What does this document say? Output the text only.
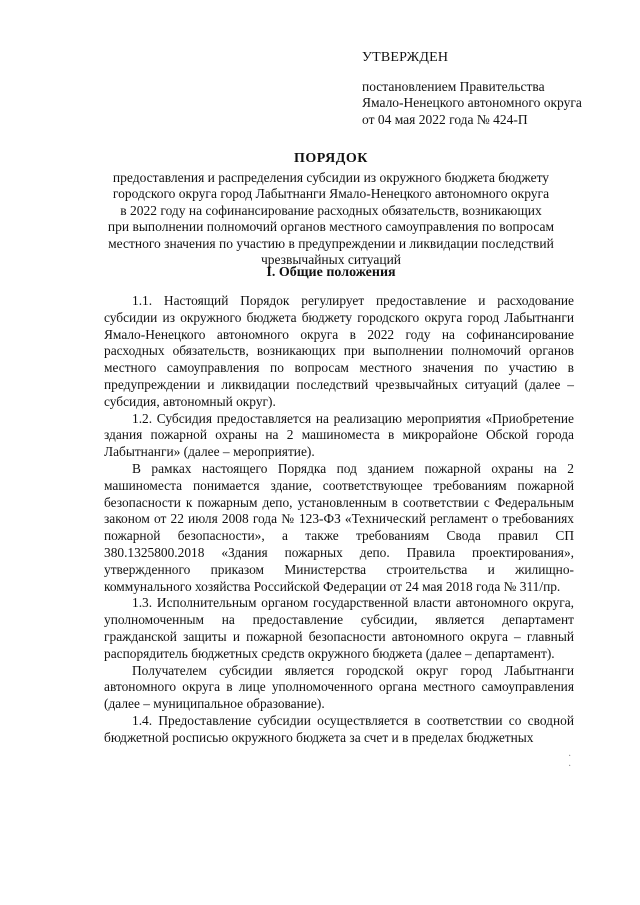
УТВЕРЖДЕН
постановлением Правительства
Ямало-Ненецкого автономного округа
от 04 мая 2022 года № 424-П
ПОРЯДОК
предоставления и распределения субсидии из окружного бюджета бюджету
городского округа город Лабытнанги Ямало-Ненецкого автономного округа
в 2022 году на софинансирование расходных обязательств, возникающих
при выполнении полномочий органов местного самоуправления по вопросам
местного значения по участию в предупреждении и ликвидации последствий
чрезвычайных ситуаций
I. Общие положения

1.1. Настоящий Порядок регулирует предоставление и расходование субсидии из окружного бюджета бюджету городского округа город Лабытнанги Ямало-Ненецкого автономного округа в 2022 году на софинансирование расходных обязательств, возникающих при выполнении полномочий органов местного самоуправления по вопросам местного значения по участию в предупреждении и ликвидации последствий чрезвычайных ситуаций (далее – субсидия, автономный округ).

1.2. Субсидия предоставляется на реализацию мероприятия «Приобретение здания пожарной охраны на 2 машиноместа в микрорайоне Обской города Лабытнанги» (далее – мероприятие).

В рамках настоящего Порядка под зданием пожарной охраны на 2 машиноместа понимается здание, соответствующее требованиям пожарной безопасности к пожарным депо, установленным в соответствии с Федеральным законом от 22 июля 2008 года № 123-ФЗ «Технический регламент о требованиях пожарной безопасности», а также требованиям Свода правил СП 380.1325800.2018 «Здания пожарных депо. Правила проектирования», утвержденного приказом Министерства строительства и жилищно-коммунального хозяйства Российской Федерации от 24 мая 2018 года № 311/пр.

1.3. Исполнительным органом государственной власти автономного округа, уполномоченным на предоставление субсидии, является департамент гражданской защиты и пожарной безопасности автономного округа – главный распорядитель бюджетных средств окружного бюджета (далее – департамент).

Получателем субсидии является городской округ город Лабытнанги автономного округа в лице уполномоченного органа местного самоуправления (далее – муниципальное образование).

1.4. Предоставление субсидии осуществляется в соответствии со сводной бюджетной росписью окружного бюджета за счет и в пределах бюджетных

·
·
